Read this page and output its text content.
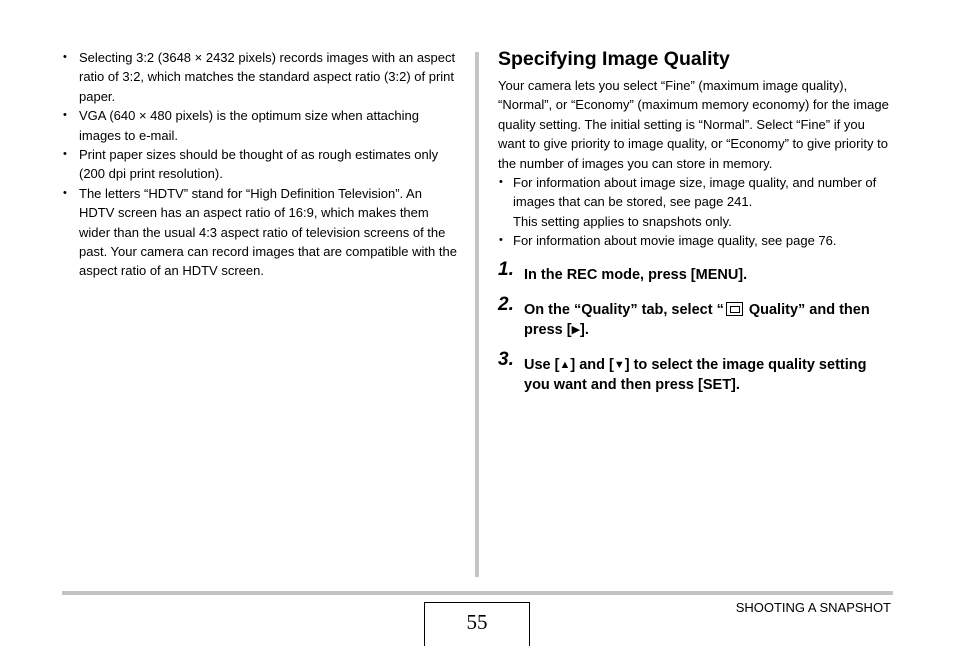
• Selecting 3:2 (3648 × 2432 pixels) records images with an aspect ratio of 3:2, which matches the standard aspect ratio (3:2) of print paper.
• VGA (640 × 480 pixels) is the optimum size when attaching images to e-mail.
• Print paper sizes should be thought of as rough estimates only (200 dpi print resolution).
• The letters “HDTV” stand for “High Definition Television”. An HDTV screen has an aspect ratio of 16:9, which makes them wider than the usual 4:3 aspect ratio of television screens of the past. Your camera can record images that are compatible with the aspect ratio of an HDTV screen.
Specifying Image Quality

Your camera lets you select “Fine” (maximum image quality), “Normal”, or “Economy” (maximum memory economy) for the image quality setting. The initial setting is “Normal”. Select “Fine” if you want to give priority to image quality, or “Economy” to give priority to the number of images you can store in memory.

• For information about image size, image quality, and number of images that can be stored, see page 241.
This setting applies to snapshots only.
• For information about movie image quality, see page 76.
1. In the REC mode, press [MENU].
2. On the “Quality” tab, select “ Quality” and then press [▶].
3. Use [▲] and [▼] to select the image quality setting you want and then press [SET].
55
SHOOTING A SNAPSHOT
